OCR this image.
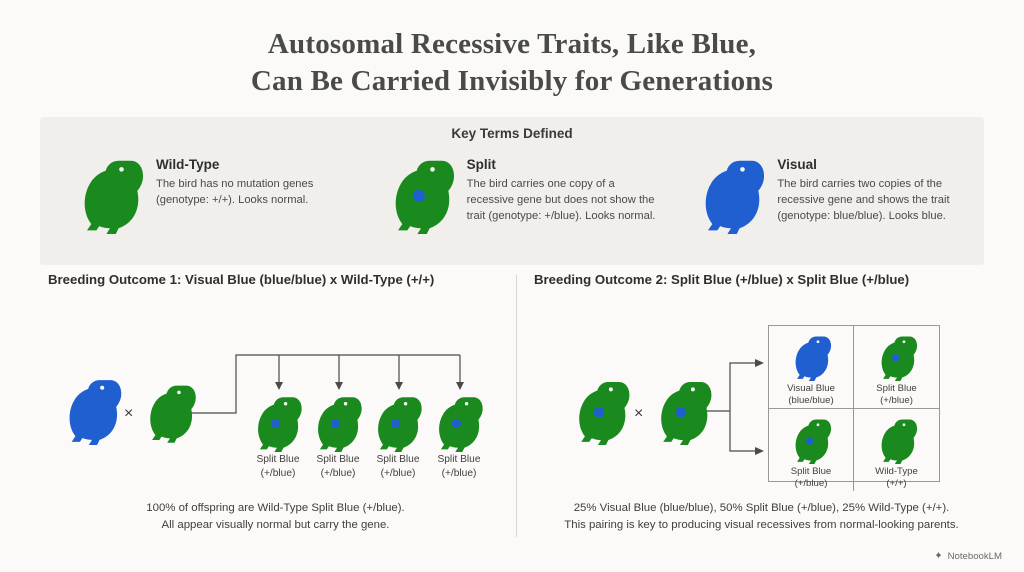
Autosomal Recessive Traits, Like Blue,
Can Be Carried Invisibly for Generations
Key Terms Defined
Wild-Type
The bird has no mutation genes (genotype: +/+). Looks normal.
Split
The bird carries one copy of a recessive gene but does not show the trait (genotype: +/blue). Looks normal.
Visual
The bird carries two copies of the recessive gene and shows the trait (genotype: blue/blue). Looks blue.
Breeding Outcome 1: Visual Blue (blue/blue) x Wild-Type (+/+)
×
Split Blue
(+/blue)
Split Blue
(+/blue)
Split Blue
(+/blue)
Split Blue
(+/blue)
100% of offspring are Wild-Type Split Blue (+/blue).
All appear visually normal but carry the gene.
Breeding Outcome 2: Split Blue (+/blue) x Split Blue (+/blue)
×
Visual Blue
(blue/blue)
Split Blue
(+/blue)
Split Blue
(+/blue)
Wild-Type
(+/+)
25% Visual Blue (blue/blue), 50% Split Blue (+/blue), 25% Wild-Type (+/+).
This pairing is key to producing visual recessives from normal-looking parents.
NotebookLM
